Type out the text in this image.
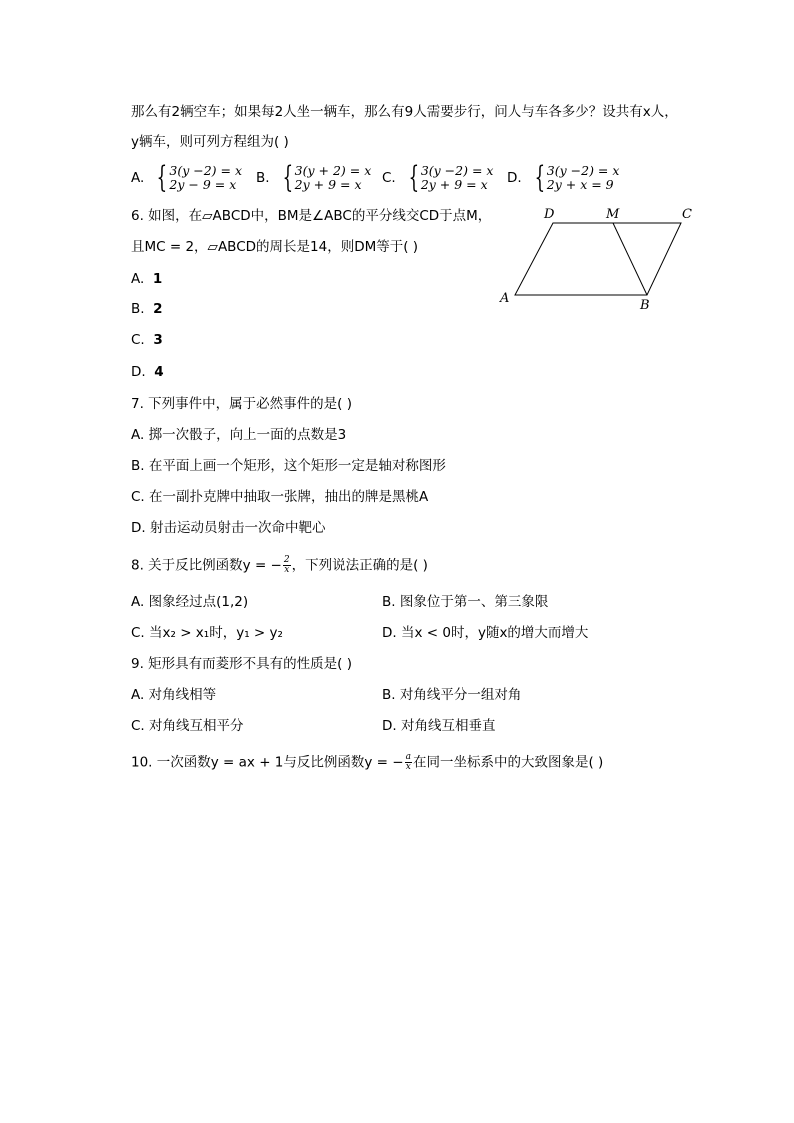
那么有2辆空车；如果每2人坐一辆车，那么有9人需要步行，问人与车各多少？设共有x人，
y辆车，则可列方程组为( )
A. { 3(y −2) = x
2y − 9 = x	B. { 3(y + 2) = x
2y + 9 = x	C. { 3(y −2) = x
2y + 9 = x	D. { 3(y −2) = x
2y + x = 9
6. 如图，在▱ABCD中，BM是∠ABC的平分线交CD于点M，
且MC = 2，▱ABCD的周长是14，则DM等于( )
A. 1
B. 2
C. 3
D. 4
D	M	C
A	B
7. 下列事件中，属于必然事件的是( )
A. 掷一次骰子，向上一面的点数是3
B. 在平面上画一个矩形，这个矩形一定是轴对称图形
C. 在一副扑克牌中抽取一张牌，抽出的牌是黑桃A
D. 射击运动员射击一次命中靶心
8. 关于反比例函数y = − $\frac{2}{x}$ ，下列说法正确的是( )
A. 图象经过点(1,2)	B. 图象位于第一、第三象限
C. 当x₂ > x₁时，y₁ > y₂	D. 当x < 0时，y随x的增大而增大
9. 矩形具有而菱形不具有的性质是( )
A. 对角线相等	B. 对角线平分一组对角
C. 对角线互相平分	D. 对角线互相垂直
10. 一次函数y = ax + 1与反比例函数y = − $\frac{a}{x}$ 在同一坐标系中的大致图象是( )
